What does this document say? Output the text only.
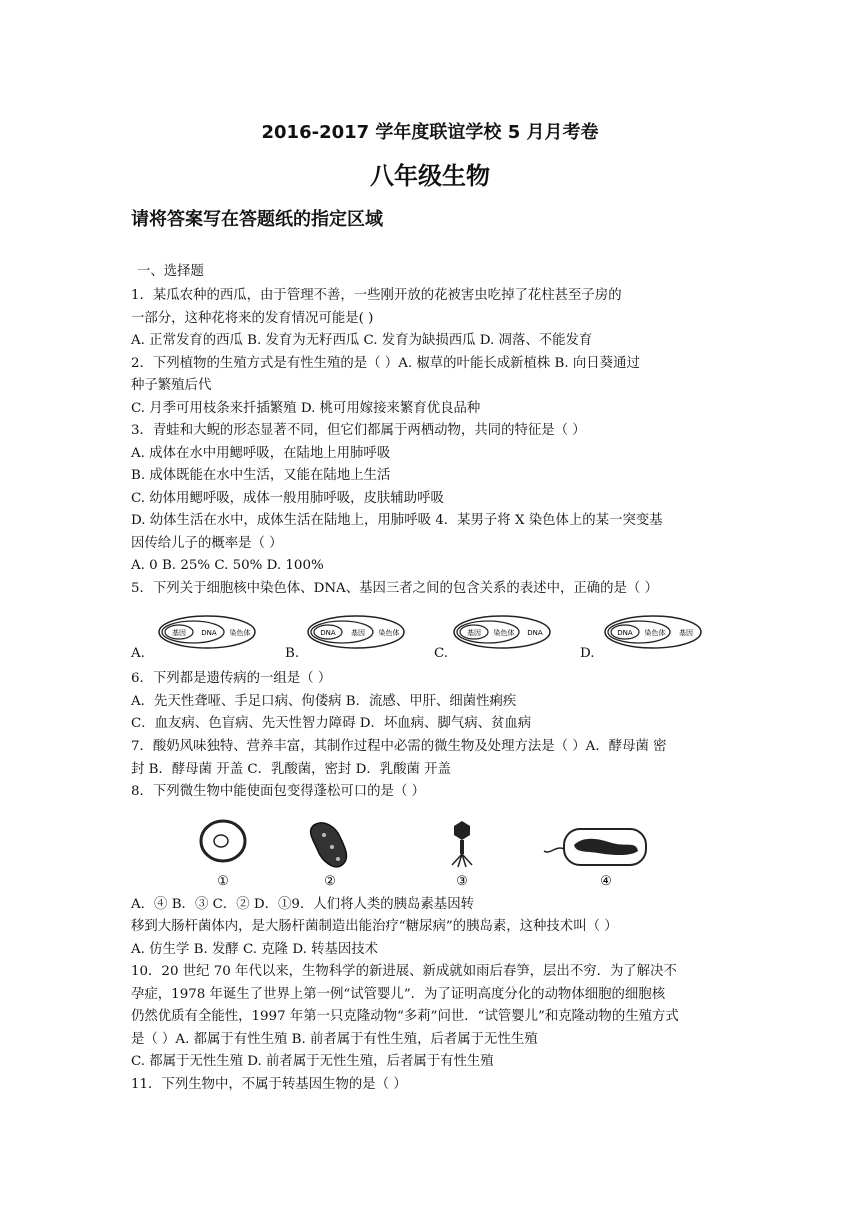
2016-2017 学年度联谊学校 5 月月考卷
八年级生物
请将答案写在答题纸的指定区域
一、选择题
1．某瓜农种的西瓜，由于管理不善，一些刚开放的花被害虫吃掉了花柱甚至子房的
一部分，这种花将来的发育情况可能是( )
A. 正常发育的西瓜 B. 发育为无籽西瓜 C. 发育为缺损西瓜 D. 凋落、不能发育
2．下列植物的生殖方式是有性生殖的是（ ）A. 椒草的叶能长成新植株 B. 向日葵通过
种子繁殖后代
C. 月季可用枝条来扦插繁殖 D. 桃可用嫁接来繁育优良品种
3．青蛙和大鲵的形态显著不同，但它们都属于两栖动物，共同的特征是（ ）
A. 成体在水中用鳃呼吸，在陆地上用肺呼吸
B. 成体既能在水中生活，又能在陆地上生活
C. 幼体用鳃呼吸，成体一般用肺呼吸，皮肤辅助呼吸
D. 幼体生活在水中，成体生活在陆地上，用肺呼吸 4．某男子将 X 染色体上的某一突变基
因传给儿子的概率是（ ）
A. 0 B. 25% C. 50% D. 100%
5．下列关于细胞核中染色体、DNA、基因三者之间的包含关系的表述中，正确的是（ ）
基因 DNA 染色体	DNA 基因 染色体	基因 染色体 DNA	DNA 染色体 基因
A.	B.	C.	D.
6．下列都是遗传病的一组是（ ）
A．先天性聋哑、手足口病、佝偻病 B．流感、甲肝、细菌性痢疾
C．血友病、色盲病、先天性智力障碍 D．坏血病、脚气病、贫血病
7．酸奶风味独特、营养丰富，其制作过程中必需的微生物及处理方法是（ ）A．酵母菌 密
封 B．酵母菌 开盖 C．乳酸菌，密封 D．乳酸菌 开盖
8．下列微生物中能使面包变得蓬松可口的是（ ）
①	②	③	④
A．④ B．③ C．② D．①9．人们将人类的胰岛素基因转
移到大肠杆菌体内，是大肠杆菌制造出能治疗“糖尿病”的胰岛素，这种技术叫（ ）
A. 仿生学 B. 发酵 C. 克隆 D. 转基因技术
10．20 世纪 70 年代以来，生物科学的新进展、新成就如雨后春笋，层出不穷．为了解决不
孕症，1978 年诞生了世界上第一例“试管婴儿”．为了证明高度分化的动物体细胞的细胞核
仍然优质有全能性，1997 年第一只克隆动物“多莉”问世．“试管婴儿”和克隆动物的生殖方式
是（ ）A. 都属于有性生殖 B. 前者属于有性生殖，后者属于无性生殖
C. 都属于无性生殖 D. 前者属于无性生殖，后者属于有性生殖
11．下列生物中，不属于转基因生物的是（ ）
